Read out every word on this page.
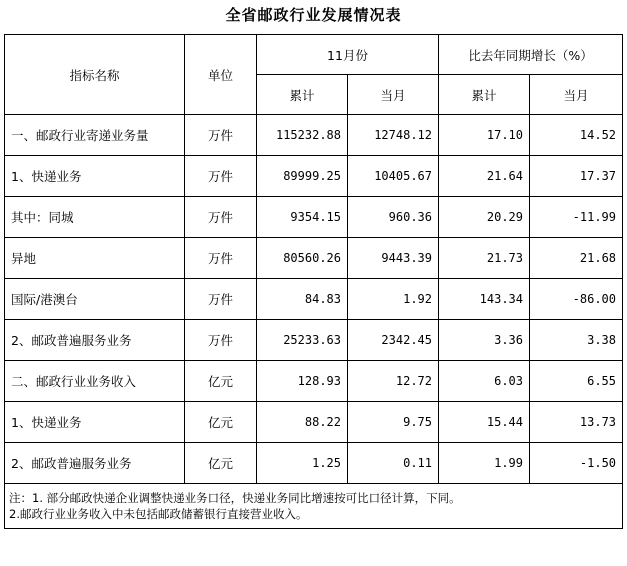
全省邮政行业发展情况表
指标名称	单位	11月份		比去年同期增长（%）	
		累计	当月	累计	当月
一、邮政行业寄递业务量	万件	115232.88	12748.12	17.10	14.52
1、快递业务	万件	89999.25	10405.67	21.64	17.37
其中：同城	万件	9354.15	960.36	20.29	-11.99
异地	万件	80560.26	9443.39	21.73	21.68
国际/港澳台	万件	84.83	1.92	143.34	-86.00
2、邮政普遍服务业务	万件	25233.63	2342.45	3.36	3.38
二、邮政行业业务收入	亿元	128.93	12.72	6.03	6.55
1、快递业务	亿元	88.22	9.75	15.44	13.73
2、邮政普遍服务业务	亿元	1.25	0.11	1.99	-1.50

注：1. 部分邮政快递企业调整快递业务口径，快递业务同比增速按可比口径计算，下同。
2.邮政行业业务收入中未包括邮政储蓄银行直接营业收入。					
